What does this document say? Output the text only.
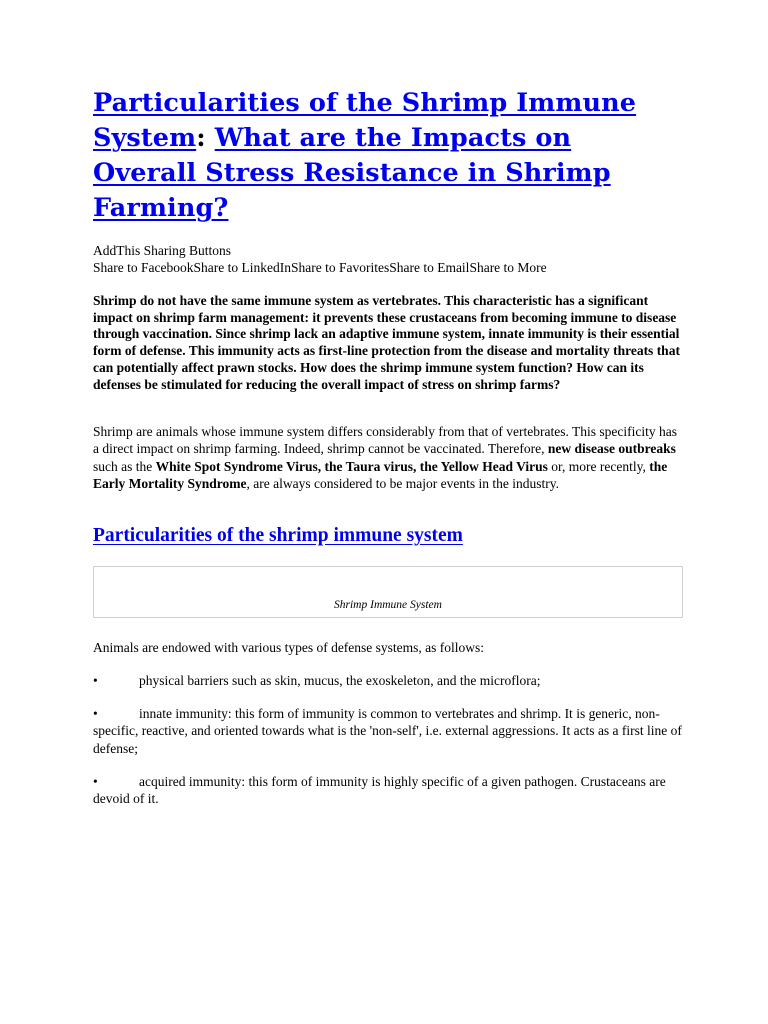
Particularities of the Shrimp Immune System: What are the Impacts on Overall Stress Resistance in Shrimp Farming?
AddThis Sharing Buttons
Share to FacebookShare to LinkedInShare to FavoritesShare to EmailShare to More

Shrimp do not have the same immune system as vertebrates. This characteristic has a significant impact on shrimp farm management: it prevents these crustaceans from becoming immune to disease through vaccination. Since shrimp lack an adaptive immune system, innate immunity is their essential form of defense. This immunity acts as first-line protection from the disease and mortality threats that can potentially affect prawn stocks. How does the shrimp immune system function? How can its defenses be stimulated for reducing the overall impact of stress on shrimp farms?

Shrimp are animals whose immune system differs considerably from that of vertebrates. This specificity has a direct impact on shrimp farming. Indeed, shrimp cannot be vaccinated. Therefore, new disease outbreaks such as the White Spot Syndrome Virus, the Taura virus, the Yellow Head Virus or, more recently, the Early Mortality Syndrome, are always considered to be major events in the industry.

Particularities of the shrimp immune system
Shrimp Immune System

Animals are endowed with various types of defense systems, as follows:

•	physical barriers such as skin, mucus, the exoskeleton, and the microflora;

•	innate immunity: this form of immunity is common to vertebrates and shrimp. It is generic, non-specific, reactive, and oriented towards what is the 'non-self', i.e. external aggressions. It acts as a first line of defense;

•	acquired immunity: this form of immunity is highly specific of a given pathogen. Crustaceans are devoid of it.
